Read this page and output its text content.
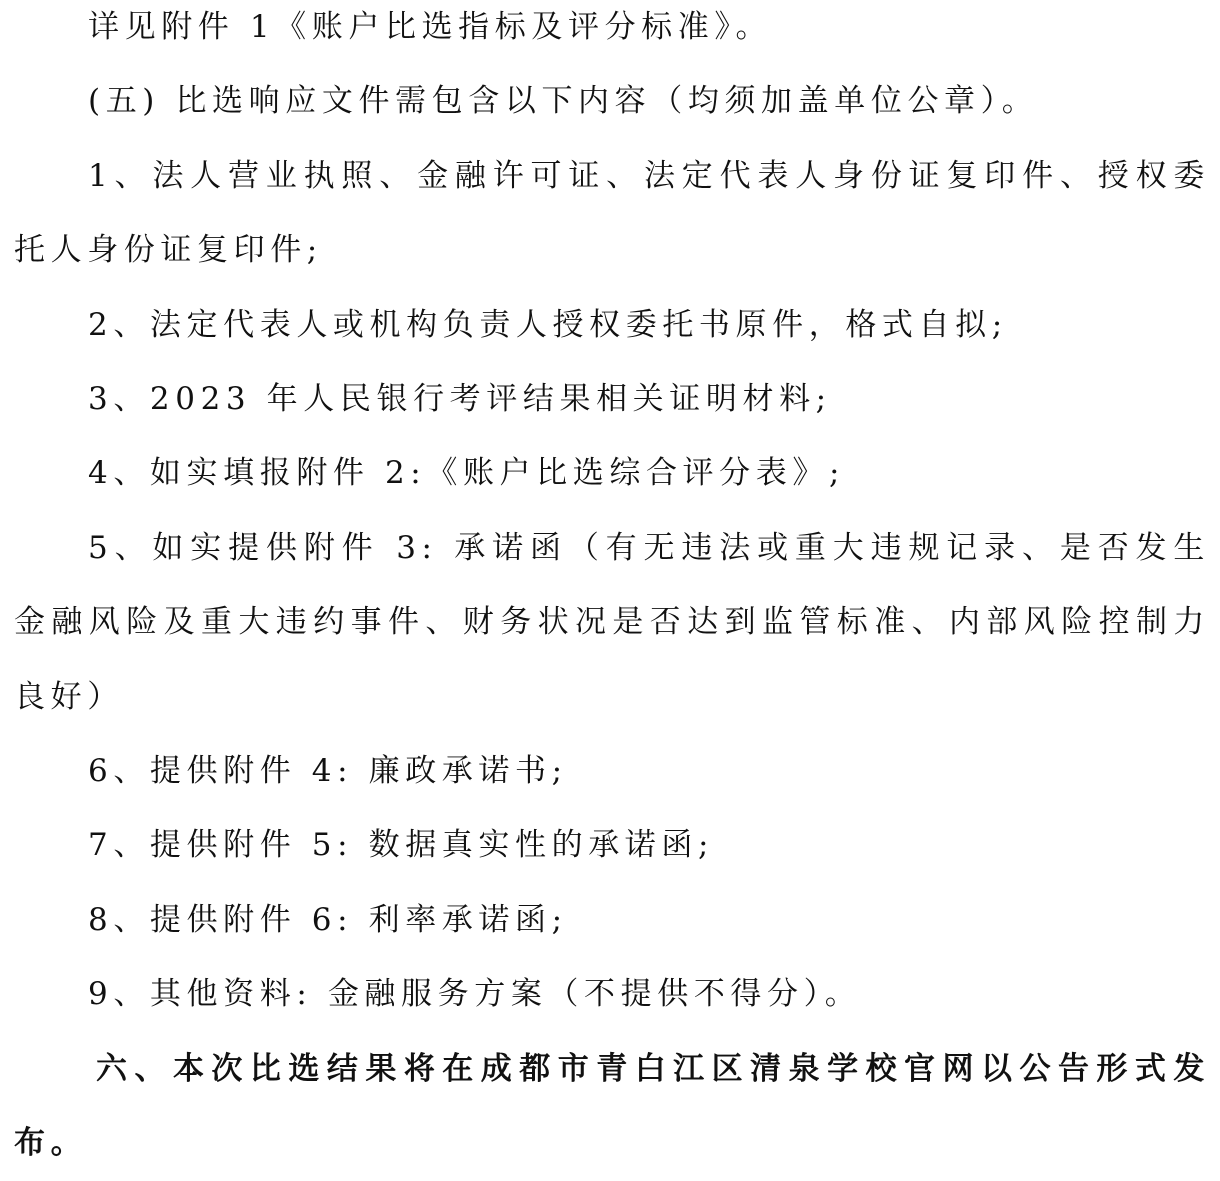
详见附件 1《账户比选指标及评分标准》。

(五) 比选响应文件需包含以下内容（均须加盖单位公章）。

1、法人营业执照、金融许可证、法定代表人身份证复印件、授权委托人身份证复印件;

2、法定代表人或机构负责人授权委托书原件，格式自拟;

3、2023 年人民银行考评结果相关证明材料;

4、如实填报附件 2:《账户比选综合评分表》;

5、如实提供附件 3: 承诺函（有无违法或重大违规记录、是否发生金融风险及重大违约事件、财务状况是否达到监管标准、内部风险控制力良好）

6、提供附件 4: 廉政承诺书;

7、提供附件 5: 数据真实性的承诺函;

8、提供附件 6: 利率承诺函;

9、其他资料: 金融服务方案（不提供不得分）。

六、本次比选结果将在成都市青白江区清泉学校官网以公告形式发布。
